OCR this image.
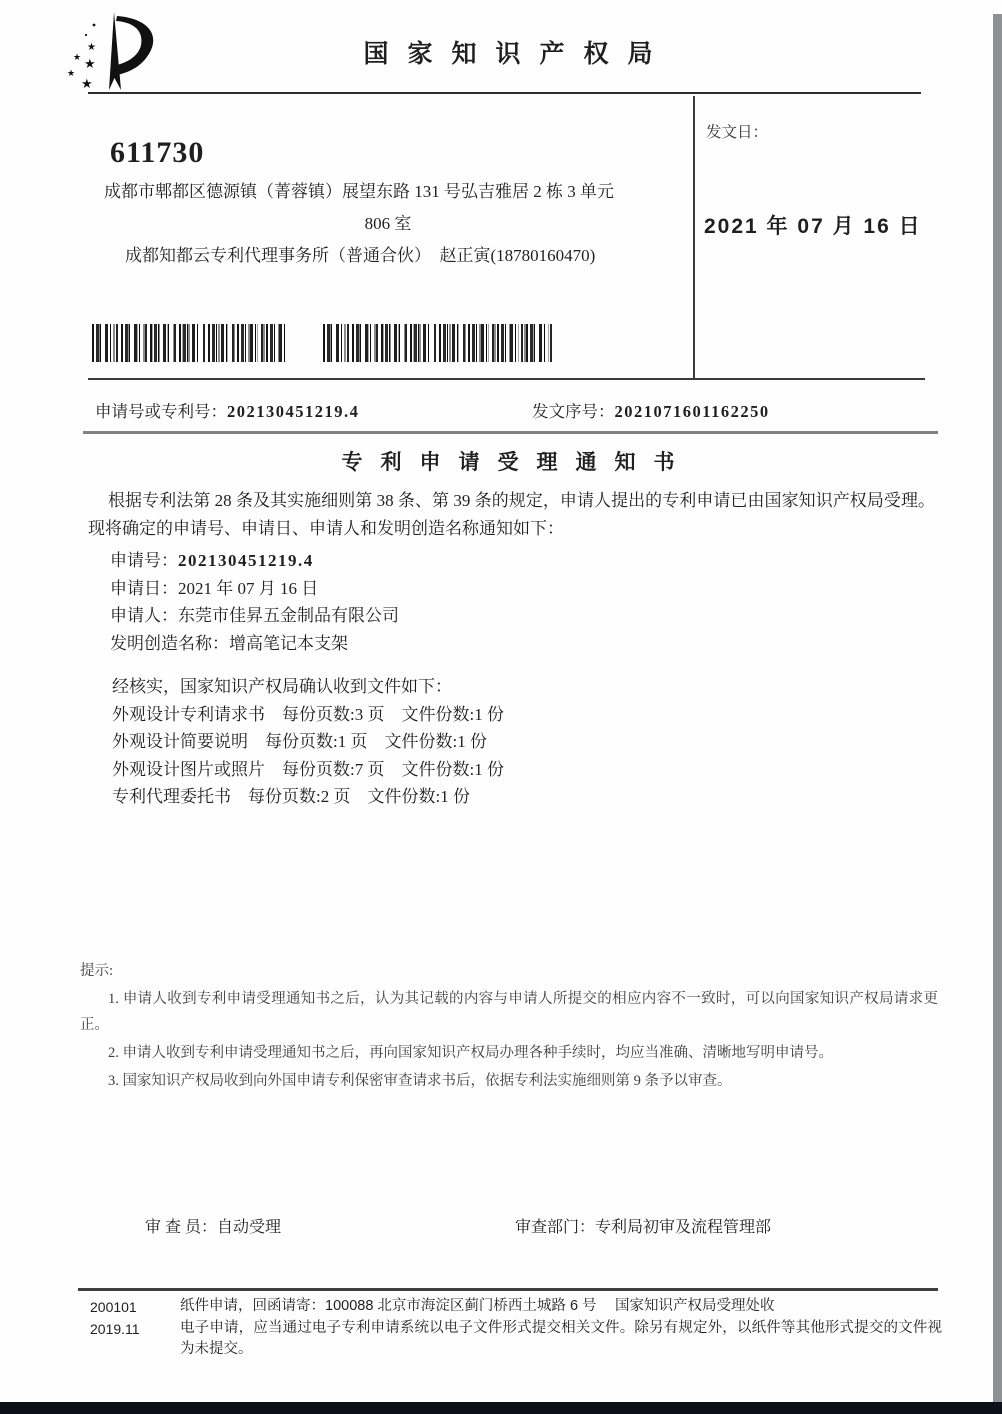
★
★ ★
★
★
国家知识产权局
611730
成都市郫都区德源镇（菁蓉镇）展望东路 131 号弘吉雅居 2 栋 3 单元
806 室
成都知都云专利代理事务所（普通合伙）　赵正寅(18780160470)
发文日：
2021 年 07 月 16 日
申请号或专利号：202130451219.4	发文序号：2021071601162250
专利申请受理通知书
根据专利法第 28 条及其实施细则第 38 条、第 39 条的规定，申请人提出的专利申请已由国家知识产权局受理。现将确定的申请号、申请日、申请人和发明创造名称通知如下：
申请号：202130451219.4
申请日：2021 年 07 月 16 日
申请人：东莞市佳昇五金制品有限公司
发明创造名称：增高笔记本支架
经核实，国家知识产权局确认收到文件如下：
外观设计专利请求书　每份页数:3 页　文件份数:1 份
外观设计简要说明　每份页数:1 页　文件份数:1 份
外观设计图片或照片　每份页数:7 页　文件份数:1 份
专利代理委托书　每份页数:2 页　文件份数:1 份
提示:
1. 申请人收到专利申请受理通知书之后，认为其记载的内容与申请人所提交的相应内容不一致时，可以向国家知识产权局请求更正。
2. 申请人收到专利申请受理通知书之后，再向国家知识产权局办理各种手续时，均应当准确、清晰地写明申请号。
3. 国家知识产权局收到向外国申请专利保密审查请求书后，依据专利法实施细则第 9 条予以审查。
审 查 员：自动受理	审查部门：专利局初审及流程管理部
200101
2019.11
纸件申请，回函请寄：100088 北京市海淀区蓟门桥西土城路 6 号　 国家知识产权局受理处收
电子申请，应当通过电子专利申请系统以电子文件形式提交相关文件。除另有规定外，以纸件等其他形式提交的文件视为未提交。
